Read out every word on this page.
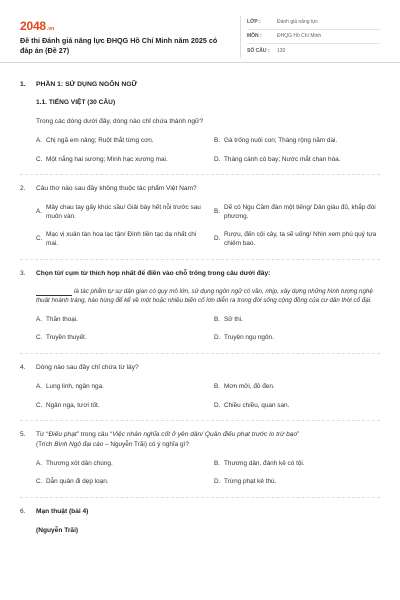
2048.vn
Đề thi Đánh giá năng lực ĐHQG Hồ Chí Minh năm 2025 có đáp án (Đề 27)
LỚP :	Đánh giá năng lực
MÔN :	ĐHQG Hồ Chí Minh
SỐ CÂU :	120
1.	PHẦN 1: SỬ DỤNG NGÔN NGỮ
1.1. TIẾNG VIỆT (30 CÂU)
Trong các dòng dưới đây, dòng nào chỉ chứa thành ngữ?
A. Chị ngã em nâng; Ruột thắt từng cơn.	B. Gà trống nuôi con; Tháng rộng năm dài.
C. Một nắng hai sương; Mình hạc xương mai.	D. Tháng cánh cò bay; Nước mắt chan hòa.
2.	Câu thơ nào sau đây không thuộc tác phẩm Việt Nam?
A.
Mây chau tay gấy khúc sầu/ Giải bày hết nỗi trước sau muôn vàn.
B.
Dế có Ngu Cầm đàn một tiếng/ Dân giàu đủ, khắp đòi phương.
C.
Mạc vị xuân tàn hoa lạc tận/ Đình tiền tạc dạ nhất chi mai.
D.
Rượu, đến cội cây, ta sẽ uống/ Nhìn xem phú quý tựa chiêm bao.
3.	Chọn từ/ cụm từ thích hợp nhất để điền vào chỗ trống trong câu dưới đây:
là tác phẩm tự sự dân gian có quy mô lớn, sử dụng ngôn ngữ có vần, nhịp, xây dựng những hình tượng nghệ thuật hoành tráng, hào hùng để kể về một hoặc nhiều biến cố lớn diễn ra trong đời sống cộng đồng của cư dân thời cổ đại.
A. Thần thoại.	B. Sử thi.
C. Truyền thuyết.	D. Truyện ngụ ngôn.
4.	Dòng nào sau đây chỉ chứa từ láy?
A. Lung linh, ngân nga.	B. Mơn mởi, đỏ đen.
C. Ngân nga, tươi tốt.	D. Chiều chiều, quan san.
5.	Từ “Điếu phạt” trong câu “Việc nhân nghĩa cốt ở yên dân/ Quân điếu phạt trước lo trừ bạo”
(Trích Bình Ngô đại cáo – Nguyễn Trãi) có ý nghĩa gì?
A. Thương xót dân chúng.	B. Thương dân, đánh kẻ có tội.
C. Dẫn quân đi dẹp loạn.	D. Trừng phạt kẻ thù.
6.	Mạn thuật (bài 4)
(Nguyễn Trãi)
